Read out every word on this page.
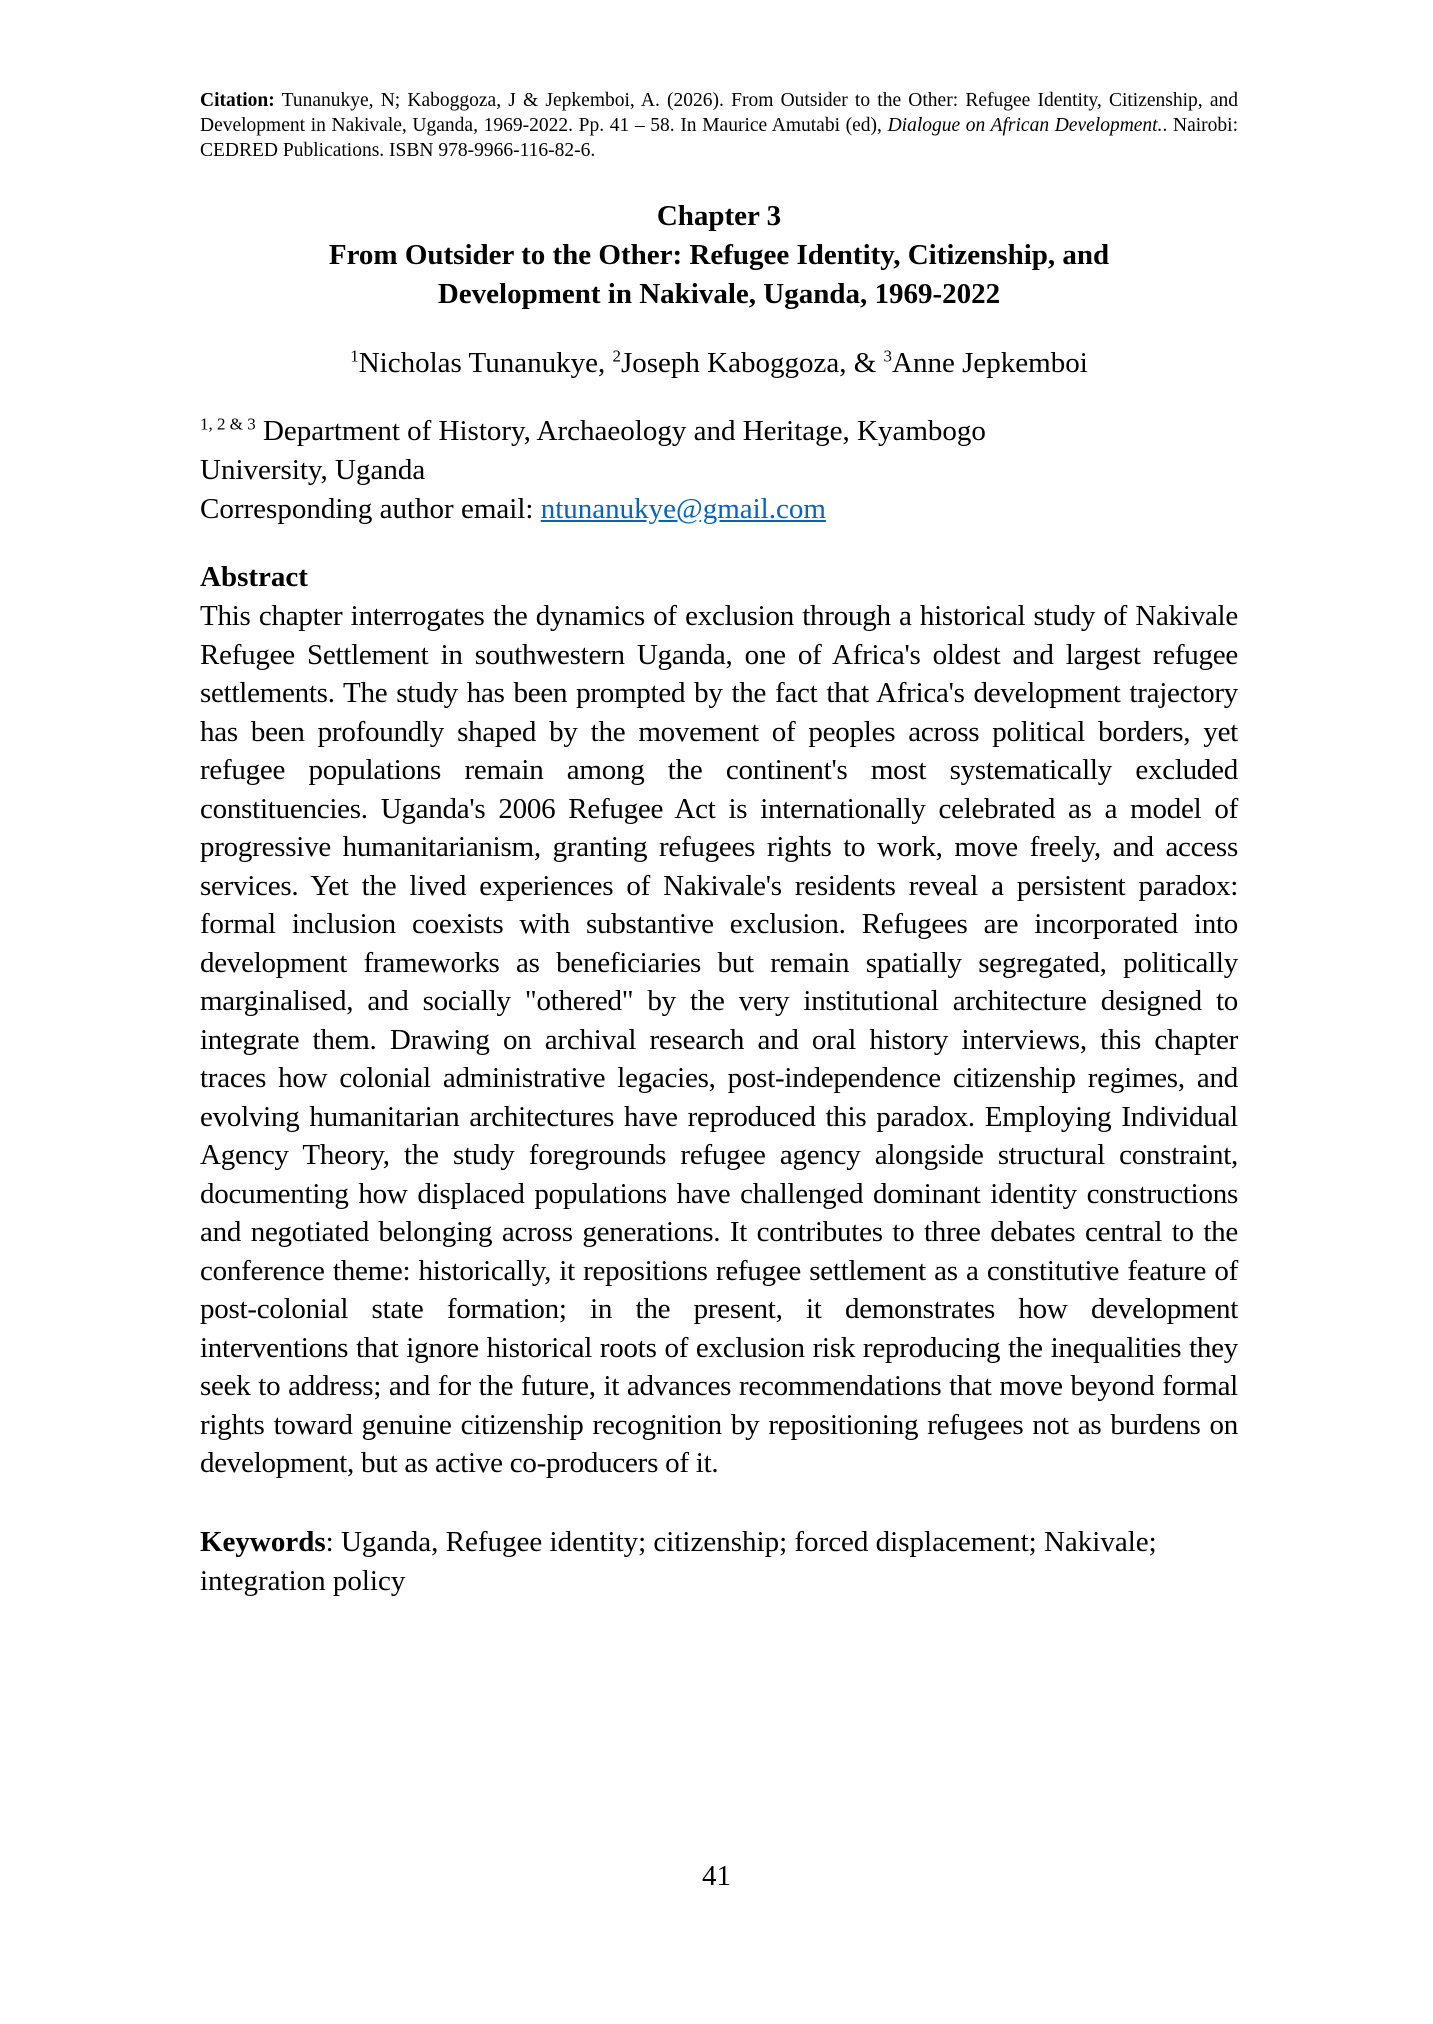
Citation: Tunanukye, N; Kaboggoza, J & Jepkemboi, A. (2026). From Outsider to the Other: Refugee Identity, Citizenship, and Development in Nakivale, Uganda, 1969-2022. Pp. 41 – 58. In Maurice Amutabi (ed), Dialogue on African Development.. Nairobi: CEDRED Publications. ISBN 978-9966-116-82-6.
Chapter 3
From Outsider to the Other: Refugee Identity, Citizenship, and
Development in Nakivale, Uganda, 1969-2022
$^1$Nicholas Tunanukye, $^2$Joseph Kaboggoza, & $^3$Anne Jepkemboi
$^{1, 2 \& 3}$ Department of History, Archaeology and Heritage, Kyambogo
University, Uganda
Corresponding author email: ntunanukye@gmail.com
Abstract
This chapter interrogates the dynamics of exclusion through a historical study of Nakivale Refugee Settlement in southwestern Uganda, one of Africa's oldest and largest refugee settlements. The study has been prompted by the fact that Africa's development trajectory has been profoundly shaped by the movement of peoples across political borders, yet refugee populations remain among the continent's most systematically excluded constituencies. Uganda's 2006 Refugee Act is internationally celebrated as a model of progressive humanitarianism, granting refugees rights to work, move freely, and access services. Yet the lived experiences of Nakivale's residents reveal a persistent paradox: formal inclusion coexists with substantive exclusion. Refugees are incorporated into development frameworks as beneficiaries but remain spatially segregated, politically marginalised, and socially "othered" by the very institutional architecture designed to integrate them. Drawing on archival research and oral history interviews, this chapter traces how colonial administrative legacies, post-independence citizenship regimes, and evolving humanitarian architectures have reproduced this paradox. Employing Individual Agency Theory, the study foregrounds refugee agency alongside structural constraint, documenting how displaced populations have challenged dominant identity constructions and negotiated belonging across generations. It contributes to three debates central to the conference theme: historically, it repositions refugee settlement as a constitutive feature of post-colonial state formation; in the present, it demonstrates how development interventions that ignore historical roots of exclusion risk reproducing the inequalities they seek to address; and for the future, it advances recommendations that move beyond formal rights toward genuine citizenship recognition by repositioning refugees not as burdens on development, but as active co-producers of it.
Keywords: Uganda, Refugee identity; citizenship; forced displacement; Nakivale; integration policy
41
